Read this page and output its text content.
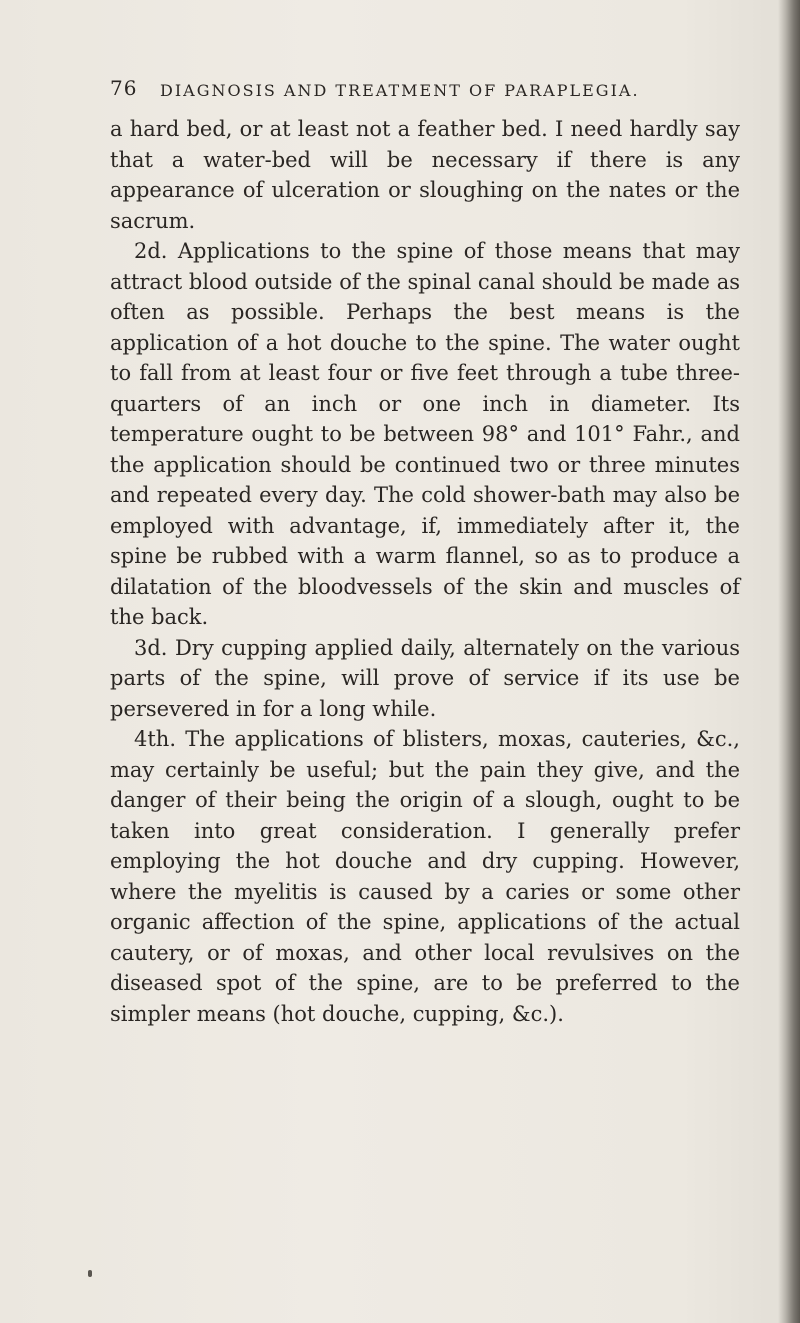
76 DIAGNOSIS AND TREATMENT OF PARAPLEGIA.

a hard bed, or at least not a feather bed. I need hardly say that a water-bed will be necessary if there is any appearance of ulceration or sloughing on the nates or the sacrum.

2d. Applications to the spine of those means that may attract blood outside of the spinal canal should be made as often as possible. Perhaps the best means is the application of a hot douche to the spine. The water ought to fall from at least four or five feet through a tube three-quarters of an inch or one inch in diameter. Its temperature ought to be between 98° and 101° Fahr., and the application should be continued two or three minutes and repeated every day. The cold shower-bath may also be employed with advantage, if, immediately after it, the spine be rubbed with a warm flannel, so as to produce a dilatation of the bloodvessels of the skin and muscles of the back.

3d. Dry cupping applied daily, alternately on the various parts of the spine, will prove of service if its use be persevered in for a long while.

4th. The applications of blisters, moxas, cauteries, &c., may certainly be useful; but the pain they give, and the danger of their being the origin of a slough, ought to be taken into great consideration. I generally prefer employing the hot douche and dry cupping. However, where the myelitis is caused by a caries or some other organic affection of the spine, applications of the actual cautery, or of moxas, and other local revulsives on the diseased spot of the spine, are to be preferred to the simpler means (hot douche, cupping, &c.).
